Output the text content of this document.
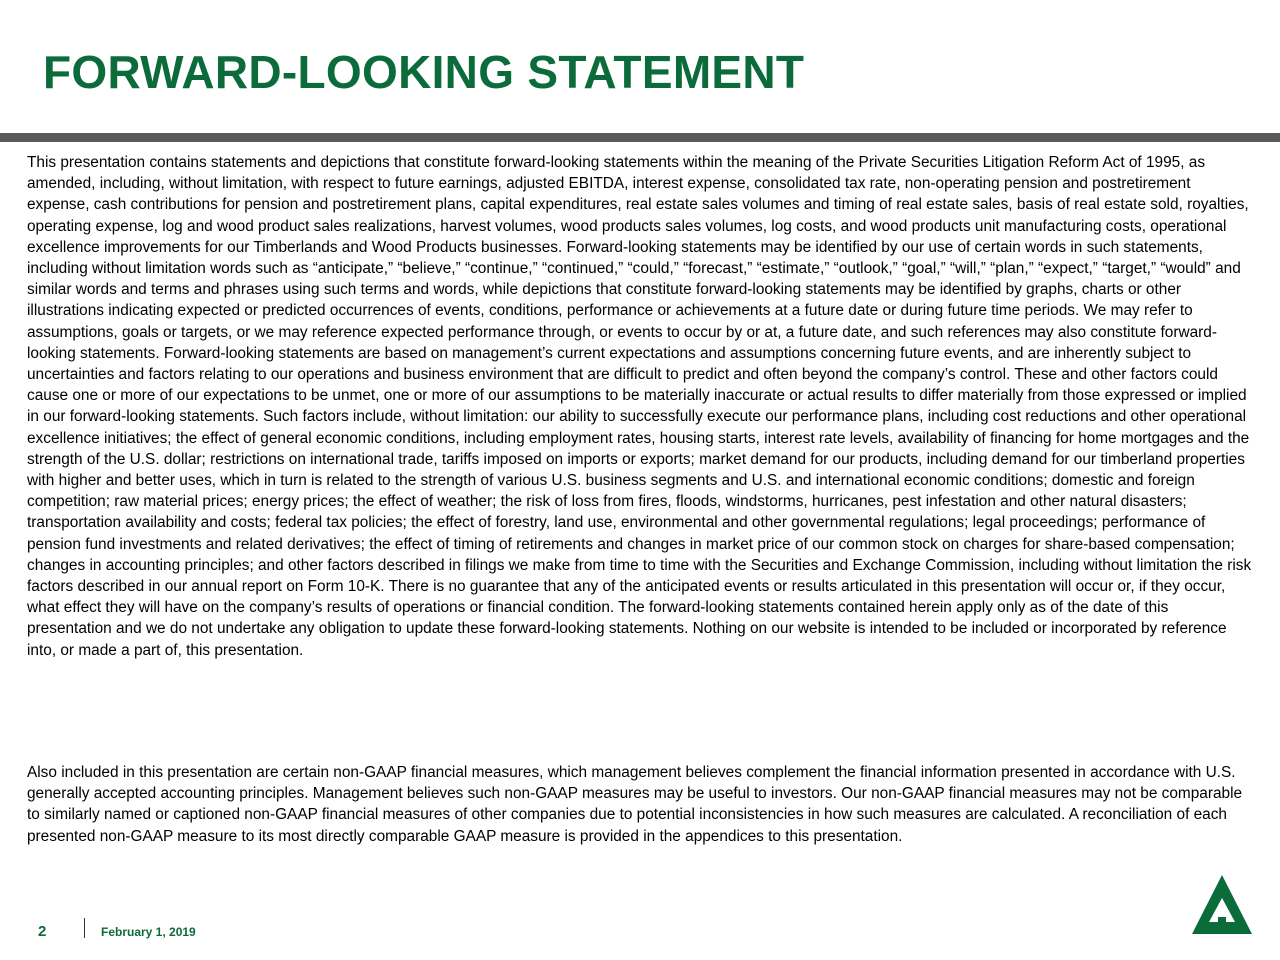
FORWARD-LOOKING STATEMENT

This presentation contains statements and depictions that constitute forward-looking statements within the meaning of the Private Securities Litigation Reform Act of 1995, as amended, including, without limitation, with respect to future earnings, adjusted EBITDA, interest expense, consolidated tax rate, non-operating pension and postretirement expense, cash contributions for pension and postretirement plans, capital expenditures, real estate sales volumes and timing of real estate sales, basis of real estate sold, royalties, operating expense, log and wood product sales realizations, harvest volumes, wood products sales volumes, log costs, and wood products unit manufacturing costs, operational excellence improvements for our Timberlands and Wood Products businesses. Forward-looking statements may be identified by our use of certain words in such statements, including without limitation words such as “anticipate,” “believe,” “continue,” “continued,” “could,” “forecast,” “estimate,” “outlook,” “goal,” “will,” “plan,” “expect,” “target,” “would” and similar words and terms and phrases using such terms and words, while depictions that constitute forward-looking statements may be identified by graphs, charts or other illustrations indicating expected or predicted occurrences of events, conditions, performance or achievements at a future date or during future time periods. We may refer to assumptions, goals or targets, or we may reference expected performance through, or events to occur by or at, a future date, and such references may also constitute forward-looking statements. Forward-looking statements are based on management’s current expectations and assumptions concerning future events, and are inherently subject to uncertainties and factors relating to our operations and business environment that are difficult to predict and often beyond the company’s control. These and other factors could cause one or more of our expectations to be unmet, one or more of our assumptions to be materially inaccurate or actual results to differ materially from those expressed or implied in our forward-looking statements. Such factors include, without limitation: our ability to successfully execute our performance plans, including cost reductions and other operational excellence initiatives; the effect of general economic conditions, including employment rates, housing starts, interest rate levels, availability of financing for home mortgages and the strength of the U.S. dollar; restrictions on international trade, tariffs imposed on imports or exports; market demand for our products, including demand for our timberland properties with higher and better uses, which in turn is related to the strength of various U.S. business segments and U.S. and international economic conditions; domestic and foreign competition; raw material prices; energy prices; the effect of weather; the risk of loss from fires, floods, windstorms, hurricanes, pest infestation and other natural disasters; transportation availability and costs; federal tax policies; the effect of forestry, land use, environmental and other governmental regulations; legal proceedings; performance of pension fund investments and related derivatives; the effect of timing of retirements and changes in market price of our common stock on charges for share-based compensation; changes in accounting principles; and other factors described in filings we make from time to time with the Securities and Exchange Commission, including without limitation the risk factors described in our annual report on Form 10-K. There is no guarantee that any of the anticipated events or results articulated in this presentation will occur or, if they occur, what effect they will have on the company’s results of operations or financial condition. The forward-looking statements contained herein apply only as of the date of this presentation and we do not undertake any obligation to update these forward-looking statements. Nothing on our website is intended to be included or incorporated by reference into, or made a part of, this presentation.

Also included in this presentation are certain non-GAAP financial measures, which management believes complement the financial information presented in accordance with U.S. generally accepted accounting principles. Management believes such non-GAAP measures may be useful to investors. Our non-GAAP financial measures may not be comparable to similarly named or captioned non-GAAP financial measures of other companies due to potential inconsistencies in how such measures are calculated. A reconciliation of each presented non-GAAP measure to its most directly comparable GAAP measure is provided in the appendices to this presentation.

2	February 1, 2019
